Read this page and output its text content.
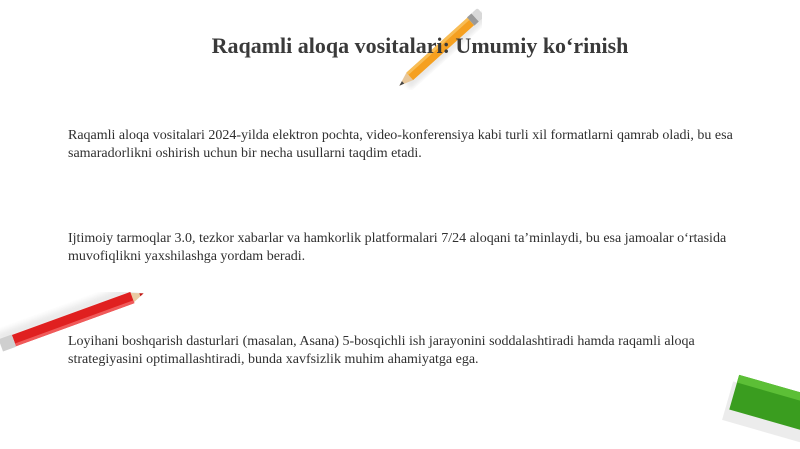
Raqamli aloqa vositalari: Umumiy ko‘rinish

Raqamli aloqa vositalari 2024-yilda elektron pochta, video-konferensiya kabi turli xil formatlarni qamrab oladi, bu esa samaradorlikni oshirish uchun bir necha usullarni taqdim etadi.

Ijtimoiy tarmoqlar 3.0, tezkor xabarlar va hamkorlik platformalari 7/24 aloqani ta’minlaydi, bu esa jamoalar o‘rtasida muvofiqlikni yaxshilashga yordam beradi.

Loyihani boshqarish dasturlari (masalan, Asana) 5-bosqichli ish jarayonini soddalashtiradi hamda raqamli aloqa strategiyasini optimallashtiradi, bunda xavfsizlik muhim ahamiyatga ega.
